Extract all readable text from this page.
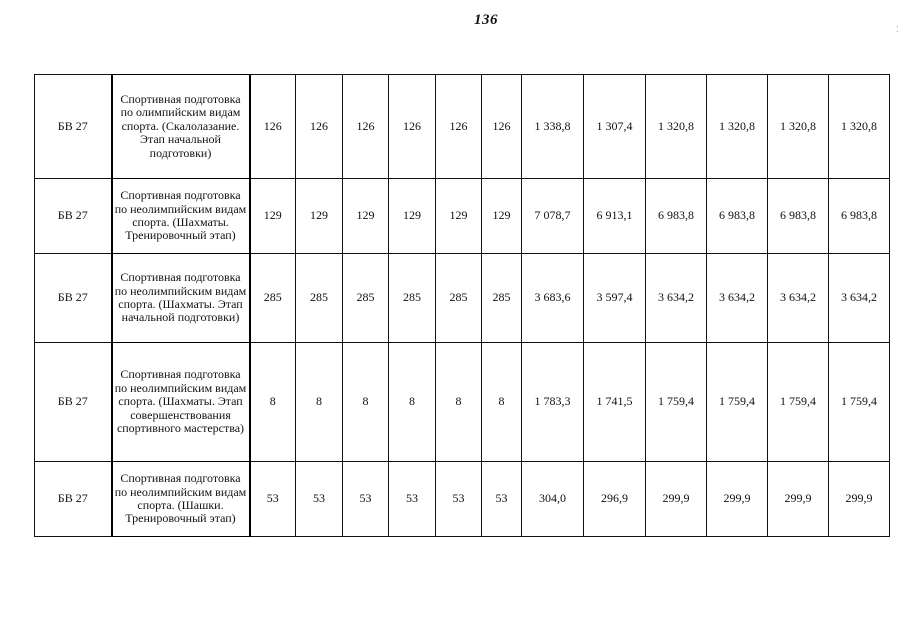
136
⁚
БВ 27	Спортивная подготовка по олимпийским видам спорта. (Скалолазание. Этап начальной подготовки)	126	126	126	126	126	126	1 338,8	1 307,4	1 320,8	1 320,8	1 320,8	1 320,8
БВ 27	Спортивная подготовка по неолимпийским видам спорта. (Шахматы. Тренировочный этап)	129	129	129	129	129	129	7 078,7	6 913,1	6 983,8	6 983,8	6 983,8	6 983,8
БВ 27	Спортивная подготовка по неолимпийским видам спорта. (Шахматы. Этап начальной подготовки)	285	285	285	285	285	285	3 683,6	3 597,4	3 634,2	3 634,2	3 634,2	3 634,2
БВ 27	Спортивная подготовка по неолимпийским видам спорта. (Шахматы. Этап совершенствования спортивного мастерства)	8	8	8	8	8	8	1 783,3	1 741,5	1 759,4	1 759,4	1 759,4	1 759,4
БВ 27	Спортивная подготовка по неолимпийским видам спорта. (Шашки. Тренировочный этап)	53	53	53	53	53	53	304,0	296,9	299,9	299,9	299,9	299,9
